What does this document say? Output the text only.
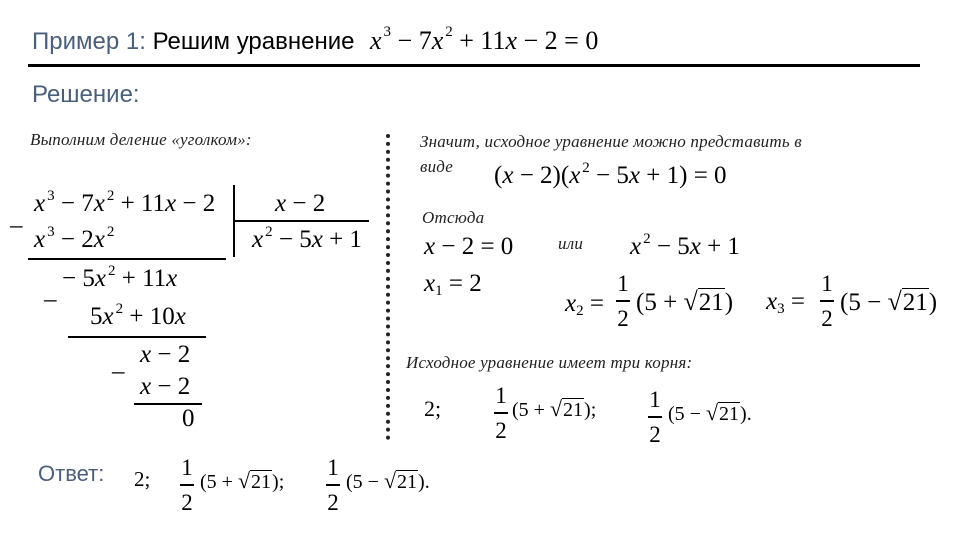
Пример 1: Решим уравнение x $^3$ − 7x $^2$ + 11x − 2 = 0
Решение:
Выполним деление «уголком»:
x $^3$ − 7x $^2$ + 11x − 2
–
x $^3$ − 2x $^2$
x − 2
x $^2$ − 5x + 1
− 5x $^2$ + 11x
–
5x $^2$ + 10x
x − 2
–
x − 2
0
Значит, исходное уравнение можно представить в
виде (x − 2)(x $^2$ − 5x + 1) = 0
Отсюда
x − 2 = 0	или x $^2$ − 5x + 1
$x_1 = 2$
$x_2$ =
1
2
(5 + √21) $x_3$ =
1
2
(5 − √21)
Исходное уравнение имеет три корня:
2;
1
2
(5 + √21); 1
2
(5 − √21).
Ответ: 2; 1
2
(5 + √21);
1
2
(5 − √21).
